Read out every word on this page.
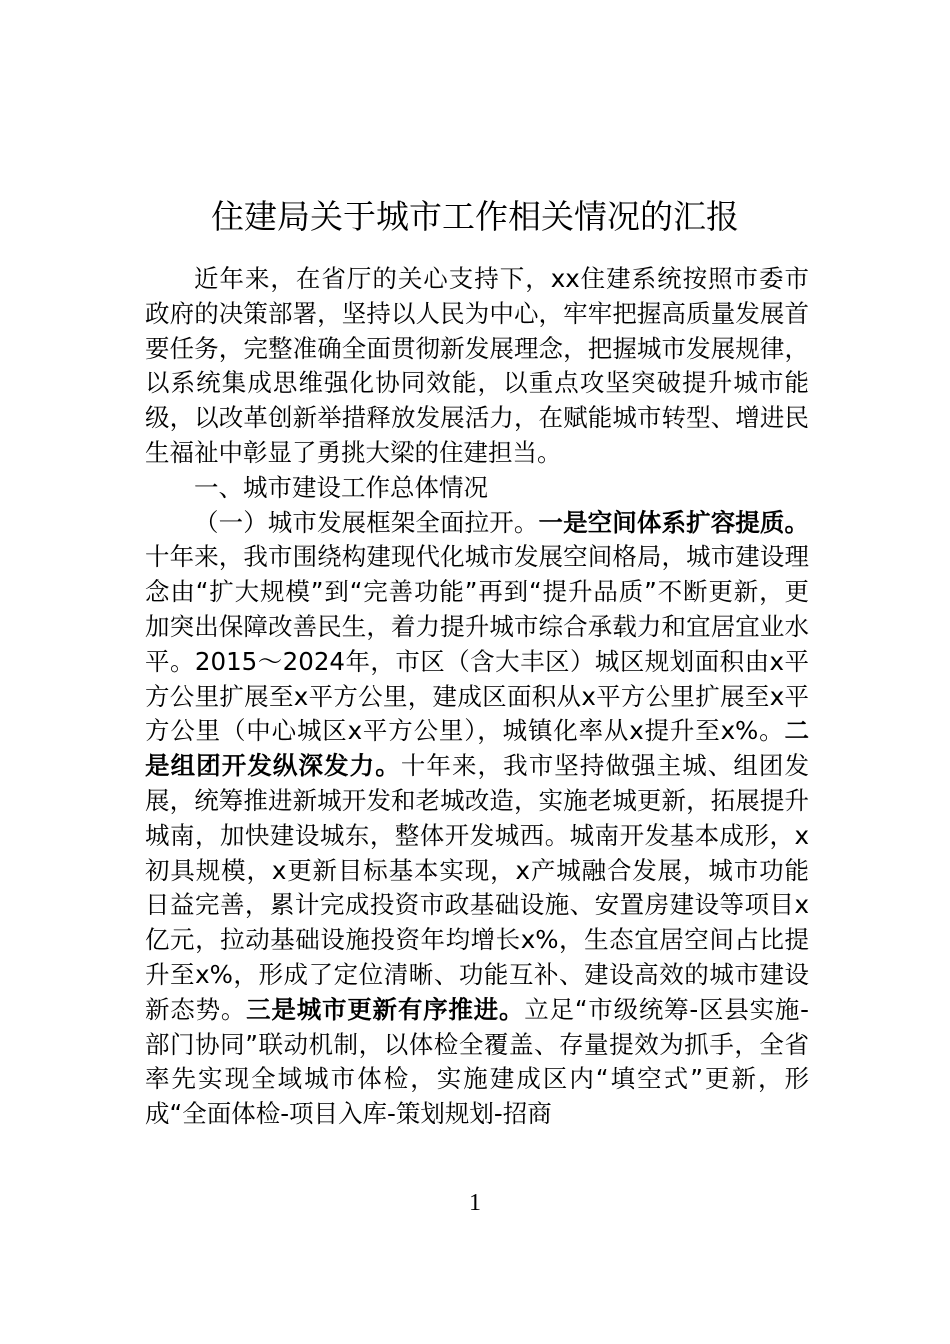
住建局关于城市工作相关情况的汇报

近年来，在省厅的关心支持下，xx住建系统按照市委市政府的决策部署，坚持以人民为中心，牢牢把握高质量发展首要任务，完整准确全面贯彻新发展理念，把握城市发展规律，以系统集成思维强化协同效能，以重点攻坚突破提升城市能级，以改革创新举措释放发展活力，在赋能城市转型、增进民生福祉中彰显了勇挑大梁的住建担当。

一、城市建设工作总体情况

（一）城市发展框架全面拉开。一是空间体系扩容提质。十年来，我市围绕构建现代化城市发展空间格局，城市建设理念由“扩大规模”到“完善功能”再到“提升品质”不断更新，更加突出保障改善民生，着力提升城市综合承载力和宜居宜业水平。2015～2024年，市区（含大丰区）城区规划面积由x平方公里扩展至x平方公里，建成区面积从x平方公里扩展至x平方公里（中心城区x平方公里），城镇化率从x提升至x%。二是组团开发纵深发力。十年来，我市坚持做强主城、组团发展，统筹推进新城开发和老城改造，实施老城更新，拓展提升城南，加快建设城东，整体开发城西。城南开发基本成形，x初具规模，x更新目标基本实现，x产城融合发展，城市功能日益完善，累计完成投资市政基础设施、安置房建设等项目x亿元，拉动基础设施投资年均增长x%，生态宜居空间占比提升至x%，形成了定位清晰、功能互补、建设高效的城市建设新态势。三是城市更新有序推进。立足“市级统筹-区县实施-部门协同”联动机制，以体检全覆盖、存量提效为抓手，全省率先实现全域城市体检，实施建成区内“填空式”更新，形成“全面体检-项目入库-策划规划-招商

1
